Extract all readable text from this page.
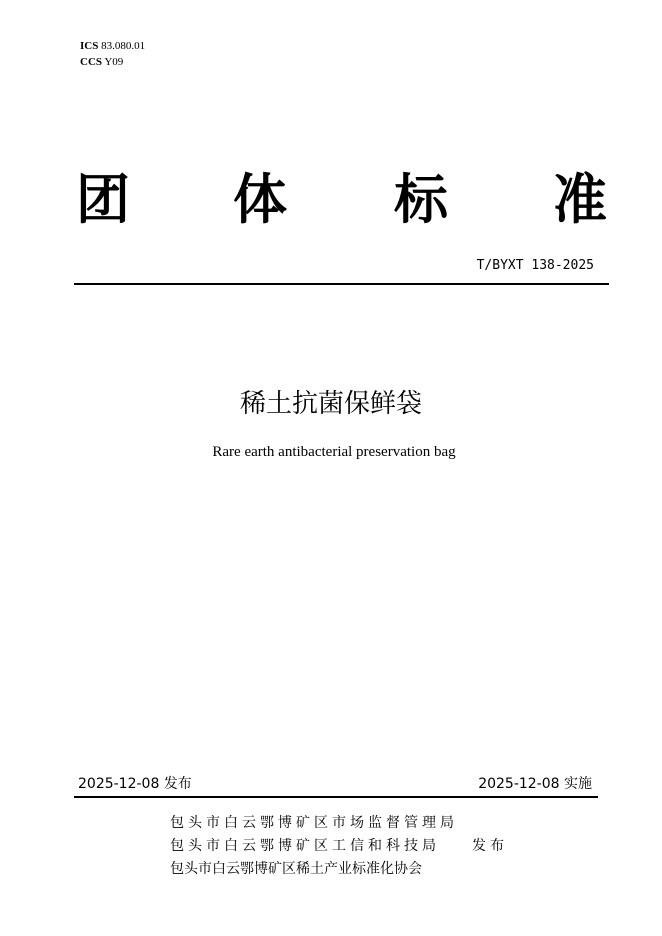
ICS 83.080.01
CCS Y09
团 体 标 准
T/BYXT 138-2025
稀土抗菌保鲜袋
Rare earth antibacterial preservation bag
2025-12-08 发布	2025-12-08 实施
包头市白云鄂博矿区市场监督管理局
包头市白云鄂博矿区工信和科技局
包头市白云鄂博矿区稀土产业标准化协会
发布
